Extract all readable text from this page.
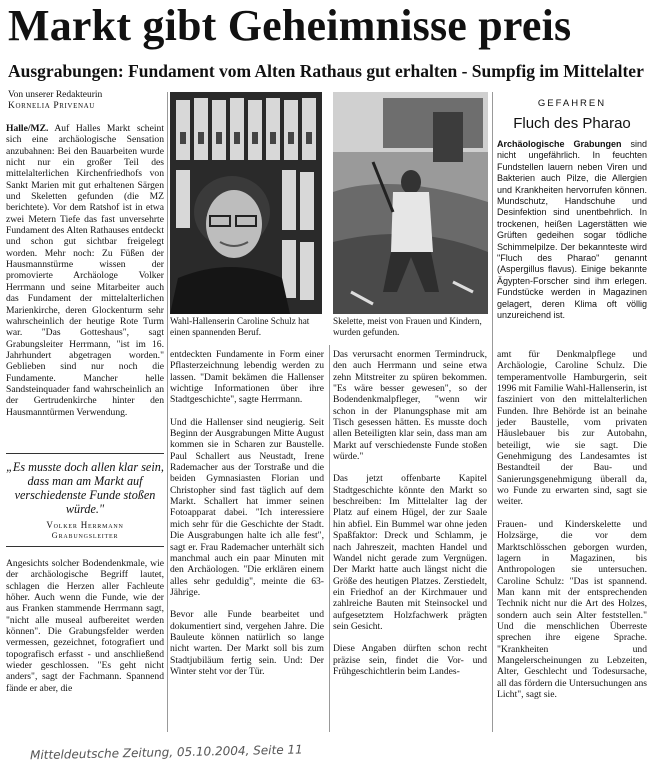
Markt gibt Geheimnisse preis
Ausgrabungen: Fundament vom Alten Rathaus gut erhalten - Sumpfig im Mittelalter
Von unserer Redakteurin
Kornelia Privenau

Halle/MZ. Auf Halles Markt scheint sich eine archäologische Sensation anzubahnen: Bei den Bauarbeiten wurde nicht nur ein großer Teil des mittelalterlichen Kirchenfriedhofs von Sankt Marien mit gut erhaltenen Särgen und Skeletten gefunden (die MZ berichtete). Vor dem Ratshof ist in etwa zwei Metern Tiefe das fast unversehrte Fundament des Alten Rathauses entdeckt und schon gut sichtbar freigelegt worden. Mehr noch: Zu Füßen der Hausmannstürme wissen der promovierte Archäologe Volker Herrmann und seine Mitarbeiter auch das Fundament der mittelalterlichen Marienkirche, deren Glockenturm sehr wahrscheinlich der heutige Rote Turm war. "Das Gotteshaus", sagt Grabungsleiter Herrmann, "ist im 16. Jahrhundert abgetragen worden." Geblieben sind nur noch die Fundamente. Mancher helle Sandsteinquader fand wahrscheinlich an der Gertrudenkirche hinter den Hausmanntürmen Verwendung.

„Es musste doch allen klar sein, dass man am Markt auf verschiedenste Funde stoßen würde."
Volker Herrmann
Grabungsleiter

Angesichts solcher Bodendenkmale, wie der archäologische Begriff lautet, schlagen die Herzen aller Fachleute höher. Auch wenn die Funde, wie der aus Franken stammende Herrmann sagt, "nicht alle museal aufbereitet werden können". Die Grabungsfelder werden vermessen, gezeichnet, fotografiert und topografisch erfasst - und anschließend wieder geschlossen. "Es geht nicht anders", sagt der Fachmann. Spannend fände er aber, die

Wahl-Hallenserin Caroline Schulz hat einen spannenden Beruf.
Skelette, meist von Frauen und Kindern, wurden gefunden.
GEFAHREN
Fluch des Pharao
Archäologische Grabungen sind nicht ungefährlich. In feuchten Fundstellen lauern neben Viren und Bakterien auch Pilze, die Allergien und Krankheiten hervorrufen können. Mundschutz, Handschuhe und Desinfektion sind unentbehrlich. In trockenen, heißen Lagerstätten wie Grüften gedeihen sogar tödliche Schimmelpilze. Der bekannteste wird "Fluch des Pharao" genannt (Aspergillus flavus). Einige bekannte Ägypten-Forscher sind ihm erlegen. Fundstücke werden in Magazinen gelagert, deren Klima oft völlig unzureichend ist.

entdeckten Fundamente in Form einer Pflasterzeichnung lebendig werden zu lassen. "Damit bekämen die Hallenser wichtige Informationen über ihre Stadtgeschichte", sagte Herrmann.

Und die Hallenser sind neugierig. Seit Beginn der Ausgrabungen Mitte August kommen sie in Scharen zur Baustelle. Paul Schallert aus Neustadt, Irene Rademacher aus der Torstraße und die beiden Gymnasiasten Florian und Christopher sind fast täglich auf dem Markt. Schallert hat immer seinen Fotoapparat dabei. "Ich interessiere mich sehr für die Geschichte der Stadt. Die Ausgrabungen halte ich alle fest", sagt er. Frau Rademacher unterhält sich manchmal auch ein paar Minuten mit den Archäologen. "Die erklären einem alles sehr geduldig", meinte die 63-Jährige.

Bevor alle Funde bearbeitet und dokumentiert sind, vergehen Jahre. Die Bauleute können natürlich so lange nicht warten. Der Markt soll bis zum Stadtjubiläum fertig sein. Und: Der Winter steht vor der Tür.

Das verursacht enormen Termindruck, den auch Herrmann und seine etwa zehn Mitstreiter zu spüren bekommen. "Es wäre besser gewesen", so der Bodendenkmalpfleger, "wenn wir schon in der Planungsphase mit am Tisch gesessen hätten. Es musste doch allen Beteiligten klar sein, dass man am Markt auf verschiedenste Funde stoßen würde."

Das jetzt offenbarte Kapitel Stadtgeschichte könnte den Markt so beschreiben: Im Mittelalter lag der Platz auf einem Hügel, der zur Saale hin abfiel. Ein Bummel war ohne jeden Spaßfaktor: Dreck und Schlamm, je nach Jahreszeit, machten Handel und Wandel nicht gerade zum Vergnügen. Der Markt hatte auch längst nicht die Größe des heutigen Platzes. Zerstiedelt, ein Friedhof an der Kirchmauer und zahlreiche Bauten mit Steinsockel und aufgesetztem Holzfachwerk prägten sein Gesicht.

Diese Angaben dürften schon recht präzise sein, findet die Vor- und Frühgeschichtlerin beim Landes-

amt für Denkmalpflege und Archäologie, Caroline Schulz. Die temperamentvolle Hamburgerin, seit 1996 mit Familie Wahl-Hallenserin, ist fasziniert von den mittelalterlichen Funden. Ihre Behörde ist an beinahe jeder Baustelle, vom privaten Häuslebauer bis zur Autobahn, beteiligt, wie sie sagt. Die Genehmigung des Landesamtes ist Bestandteil der Bau- und Sanierungsgenehmigung überall da, wo Funde zu erwarten sind, sagt sie weiter.

Frauen- und Kinderskelette und Holzsärge, die vor dem Marktschlösschen geborgen wurden, lagern in Magazinen, bis Anthropologen sie untersuchen. Caroline Schulz: "Das ist spannend. Man kann mit der entsprechenden Technik nicht nur die Art des Holzes, sondern auch sein Alter feststellen." Und die menschlichen Überreste sprechen ihre eigene Sprache. "Krankheiten und Mangelerscheinungen zu Lebzeiten, Alter, Geschlecht und Todesursache, all das fördern die Untersuchungen ans Licht", sagt sie.

Mitteldeutsche Zeitung, 05.10.2004, Seite 11
